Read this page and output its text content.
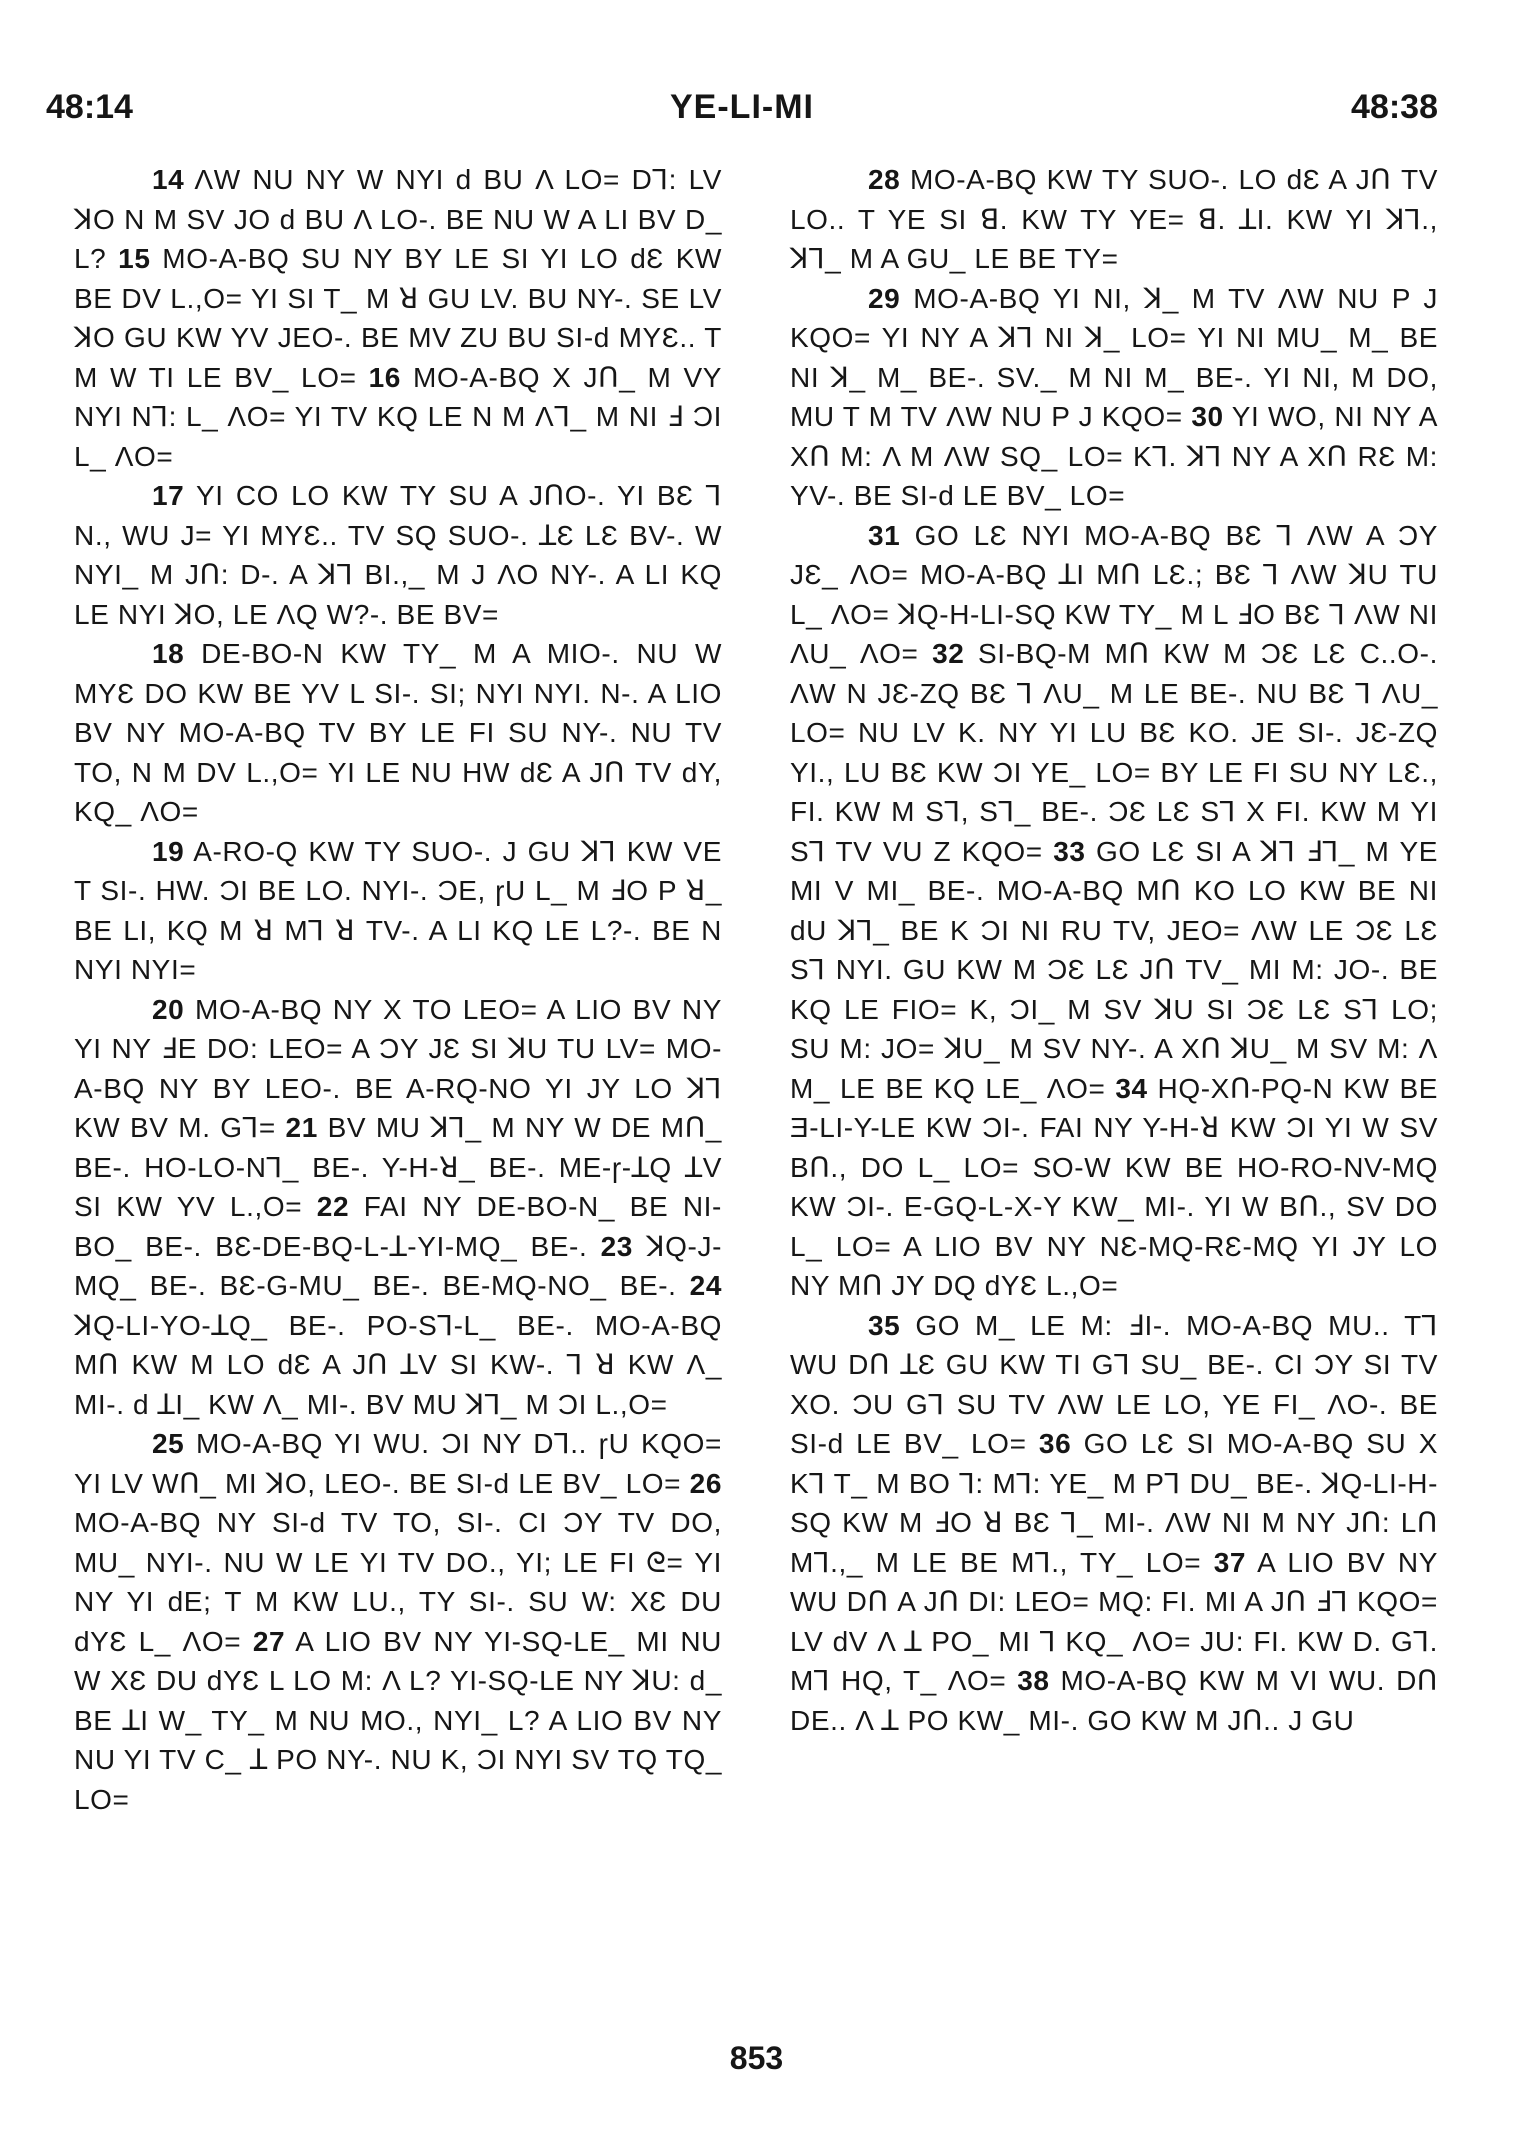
48:14	YE-LI-MI	48:38

14 ΛW NU NY W NYI d BU Λ LO= DꞀ: LV ꓘO N M SV JO d BU Λ LO-. BE NU W A LI BV D_ L? 15 MO-A-BQ SU NY BY LE SI YI LO dƐ KW BE DV L.,O= YI SI T_ M ꓤ GU LV. BU NY-. SE LV ꓘO GU KW YV JEO-. BE MV ZU BU SI-d MYƐ.. T M W TI LE BV_ LO= 16 MO-A-BQ X JՈ_ M VY NYI NꞀ: L_ ΛO= YI TV KQ LE N M ΛꞀ_ M NI Ⅎ ƆI L_ ΛO=

17 YI CO LO KW TY SU A JՈO-. YI BƐ Ꞁ N., WU J= YI MYƐ.. TV SQ SUO-. ꓕƐ LƐ BV-. W NYI_ M JՈ: D-. A ꓘꞀ BI.,_ M J ΛO NY-. A LI KQ LE NYI ꓘO, LE ΛQ W?-. BE BV=

18 DE-BO-N KW TY_ M A MIO-. NU W MYƐ DO KW BE YV L SI-. SI; NYI NYI. N-. A LIO BV NY MO-A-BQ TV BY LE FI SU NY-. NU TV TO, N M DV L.,O= YI LE NU HW dƐ A JՈ TV dY, KQ_ ΛO=

19 A-RO-Q KW TY SUO-. J GU ꓘꞀ KW VE T SI-. HW. ƆI BE LO. NYI-. ƆE, ɼU L_ M ℲO P ꓤ_ BE LI, KQ M ꓤ MꞀ ꓤ TV-. A LI KQ LE L?-. BE N NYI NYI=

20 MO-A-BQ NY X TO LEO= A LIO BV NY YI NY ℲE DO: LEO= A ƆY JƐ SI ꓘU TU LV= MO-A-BQ NY BY LEO-. BE A-RQ-NO YI JY LO ꓘꞀ KW BV M. GꞀ= 21 BV MU ꓘꞀ_ M NY W DE MՈ_ BE-. HO-LO-NꞀ_ BE-. Y-H-ꓤ_ BE-. ME-ɼ-ꓕQ ꓕV SI KW YV L.,O= 22 FAI NY DE-BO-N_ BE NI-BO_ BE-. BƐ-DE-BQ-L-ꓕ-YI-MQ_ BE-. 23 ꓘQ-J-MQ_ BE-. BƐ-G-MU_ BE-. BE-MQ-NO_ BE-. 24 ꓘQ-LI-YO-ꓕQ_ BE-. PO-SꞀ-L_ BE-. MO-A-BQ MՈ KW M LO dƐ A JՈ ꓕV SI KW-. Ꞁ ꓤ KW Λ_ MI-. d ꓕI_ KW Λ_ MI-. BV MU ꓘꞀ_ M ƆI L.,O=

25 MO-A-BQ YI WU. ƆI NY DꞀ.. ɼU KQO= YI LV WՈ_ MI ꓘO, LEO-. BE SI-d LE BV_ LO= 26 MO-A-BQ NY SI-d TV TO, SI-. CI ƆY TV DO, MU_ NYI-. NU W LE YI TV DO., YI; LE FI ᘓ= YI NY YI dE; T M KW LU., TY SI-. SU W: XƐ DU dYƐ L_ ΛO= 27 A LIO BV NY YI-SQ-LE_ MI NU W XƐ DU dYƐ L LO M: Λ L? YI-SQ-LE NY ꓘU: d_ BE ꓕI W_ TY_ M NU MO., NYI_ L? A LIO BV NY NU YI TV C_ ꓕ PO NY-. NU K, ƆI NYI SV TQ TQ_ LO=

28 MO-A-BQ KW TY SUO-. LO dƐ A JՈ TV LO.. T YE SI ꓭ. KW TY YE= ꓭ. ꓕI. KW YI ꓘꞀ., ꓘꞀ_ M A GU_ LE BE TY=

29 MO-A-BQ YI NI, ꓘ_ M TV ΛW NU P J KQO= YI NY A ꓘꞀ NI ꓘ_ LO= YI NI MU_ M_ BE NI ꓘ_ M_ BE-. SV._ M NI M_ BE-. YI NI, M DO, MU T M TV ΛW NU P J KQO= 30 YI WO, NI NY A XՈ M: Λ M ΛW SQ_ LO= KꞀ. ꓘꞀ NY A XՈ RƐ M: YV-. BE SI-d LE BV_ LO=

31 GO LƐ NYI MO-A-BQ BƐ Ꞁ ΛW A ƆY JƐ_ ΛO= MO-A-BQ ꓕI MՈ LƐ.; BƐ Ꞁ ΛW ꓘU TU L_ ΛO= ꓘQ-H-LI-SQ KW TY_ M L ℲO BƐ Ꞁ ΛW NI ΛU_ ΛO= 32 SI-BQ-M MՈ KW M ƆƐ LƐ C..O-. ΛW N JƐ-ZQ BƐ Ꞁ ΛU_ M LE BE-. NU BƐ Ꞁ ΛU_ LO= NU LV K. NY YI LU BƐ KO. JE SI-. JƐ-ZQ YI., LU BƐ KW ƆI YE_ LO= BY LE FI SU NY LƐ., FI. KW M SꞀ, SꞀ_ BE-. ƆƐ LƐ SꞀ X FI. KW M YI SꞀ TV VU Z KQO= 33 GO LƐ SI A ꓘꞀ ℲꞀ_ M YE MI V MI_ BE-. MO-A-BQ MՈ KO LO KW BE NI dU ꓘꞀ_ BE K ƆI NI RU TV, JEO= ΛW LE ƆƐ LƐ SꞀ NYI. GU KW M ƆƐ LƐ JՈ TV_ MI M: JO-. BE KQ LE FIO= K, ƆI_ M SV ꓘU SI ƆƐ LƐ SꞀ LO; SU M: JO= ꓘU_ M SV NY-. A XՈ ꓘU_ M SV M: Λ M_ LE BE KQ LE_ ΛO= 34 HQ-XՈ-PQ-N KW BE Ǝ-LI-Y-LE KW ƆI-. FAI NY Y-H-ꓤ KW ƆI YI W SV BՈ., DO L_ LO= SO-W KW BE HO-RO-NV-MQ KW ƆI-. E-GQ-L-X-Y KW_ MI-. YI W BՈ., SV DO L_ LO= A LIO BV NY NƐ-MQ-RƐ-MQ YI JY LO NY MՈ JY DQ dYƐ L.,O=

35 GO M_ LE M: ℲI-. MO-A-BQ MU.. TꞀ WU DՈ ꓕƐ GU KW TI GꞀ SU_ BE-. CI ƆY SI TV XO. ƆU GꞀ SU TV ΛW LE LO, YE FI_ ΛO-. BE SI-d LE BV_ LO= 36 GO LƐ SI MO-A-BQ SU X KꞀ T_ M BO Ꞁ: MꞀ: YE_ M PꞀ DU_ BE-. ꓘQ-LI-H-SQ KW M ℲO ꓤ BƐ Ꞁ_ MI-. ΛW NI M NY JՈ: LՈ MꞀ.,_ M LE BE MꞀ., TY_ LO= 37 A LIO BV NY WU DՈ A JՈ DI: LEO= MQ: FI. MI A JՈ ℲꞀ KQO= LV dV Λ ꓕ PO_ MI Ꞁ KQ_ ΛO= JU: FI. KW D. GꞀ. MꞀ HQ, T_ ΛO= 38 MO-A-BQ KW M VI WU. DՈ DE.. Λ ꓕ PO KW_ MI-. GO KW M JՈ.. J GU

853
